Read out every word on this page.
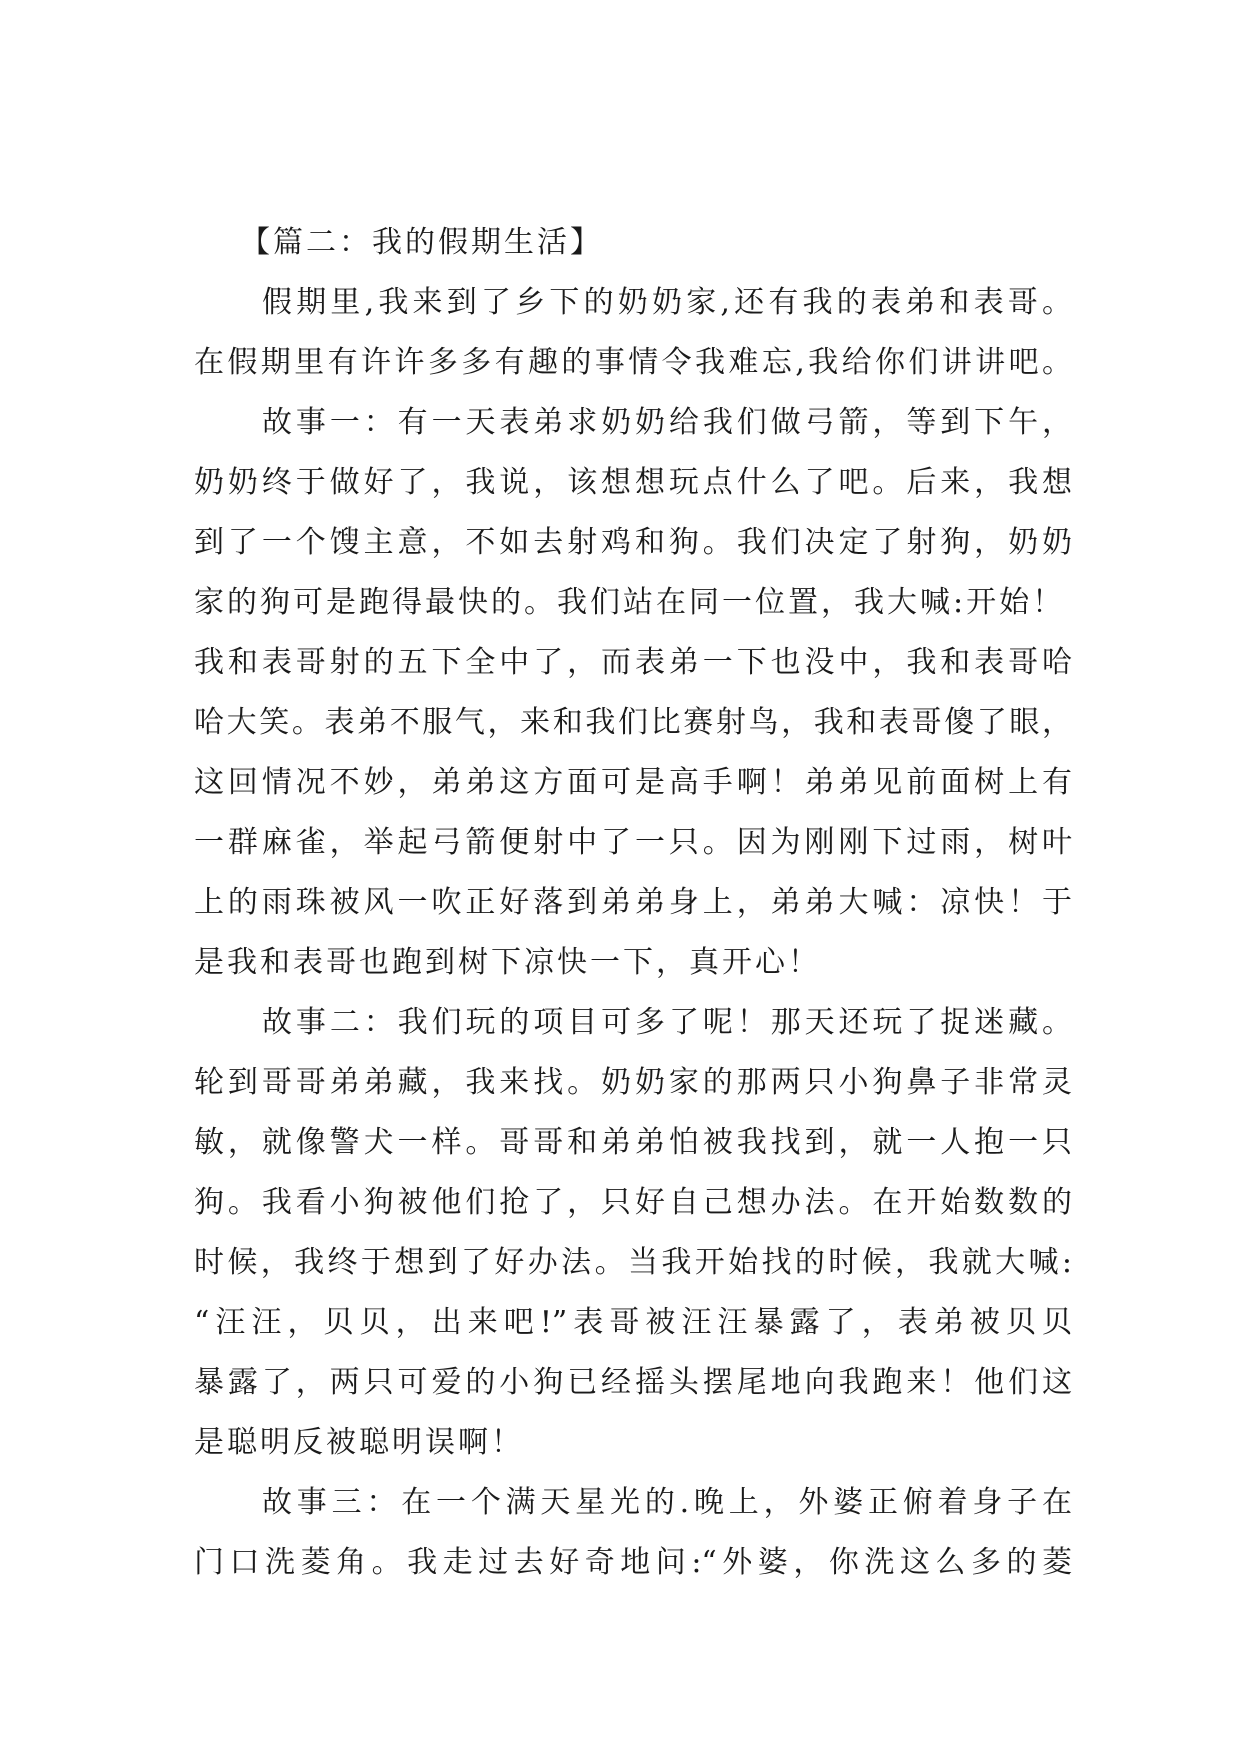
【篇二：我的假期生活】
假期里,我来到了乡下的奶奶家,还有我的表弟和表哥。
在假期里有许许多多有趣的事情令我难忘,我给你们讲讲吧。
故事一：有一天表弟求奶奶给我们做弓箭，等到下午，
奶奶终于做好了，我说，该想想玩点什么了吧。后来，我想
到了一个馊主意，不如去射鸡和狗。我们决定了射狗，奶奶
家的狗可是跑得最快的。我们站在同一位置，我大喊:开始！
我和表哥射的五下全中了，而表弟一下也没中，我和表哥哈
哈大笑。表弟不服气，来和我们比赛射鸟，我和表哥傻了眼，
这回情况不妙，弟弟这方面可是高手啊！弟弟见前面树上有
一群麻雀，举起弓箭便射中了一只。因为刚刚下过雨，树叶
上的雨珠被风一吹正好落到弟弟身上，弟弟大喊：凉快！于
是我和表哥也跑到树下凉快一下，真开心！
故事二：我们玩的项目可多了呢！那天还玩了捉迷藏。
轮到哥哥弟弟藏，我来找。奶奶家的那两只小狗鼻子非常灵
敏，就像警犬一样。哥哥和弟弟怕被我找到，就一人抱一只
狗。我看小狗被他们抢了，只好自己想办法。在开始数数的
时候，我终于想到了好办法。当我开始找的时候，我就大喊:
“汪汪，贝贝，出来吧!”表哥被汪汪暴露了，表弟被贝贝
暴露了，两只可爱的小狗已经摇头摆尾地向我跑来！他们这
是聪明反被聪明误啊！
故事三：在一个满天星光的.晚上，外婆正俯着身子在
门口洗菱角。我走过去好奇地问:“外婆，你洗这么多的菱
